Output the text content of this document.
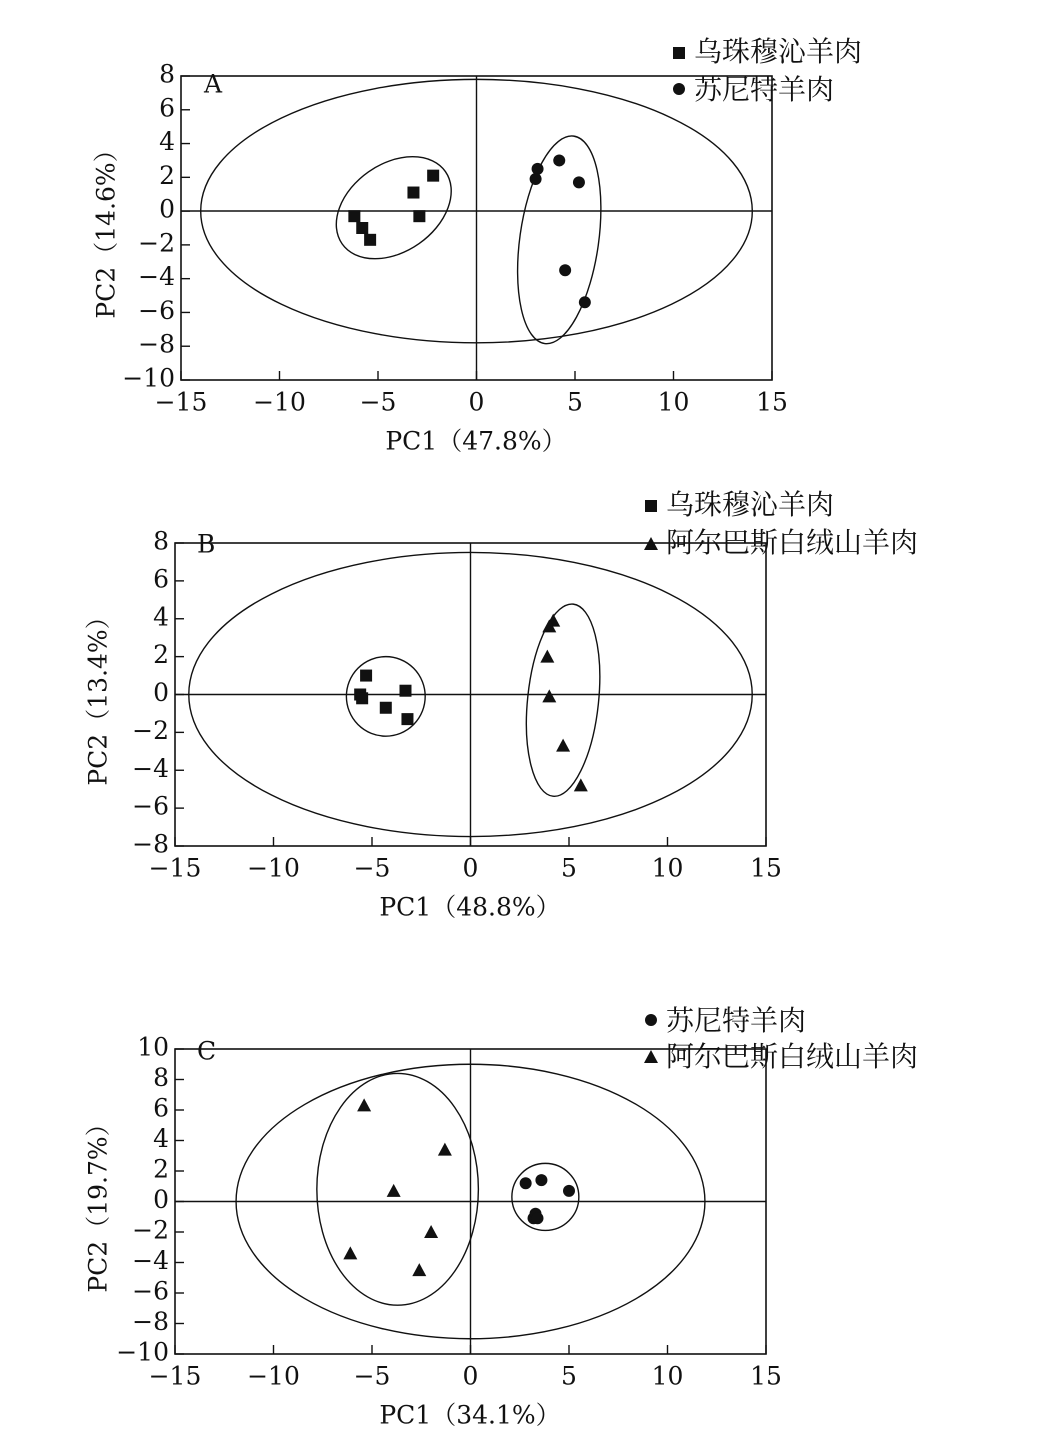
−15 −10 −5	0	5	10	15
−10
−8
−6
−4
−2
0
2
4
6
8 A
PC1（47.8%）
PC2（14.6%）
乌珠穆沁羊肉
苏尼特羊肉
−15 −10 −5	0	5	10	15
−8
−6
−4
−2
0
2
4
6
8 B
PC1（48.8%）
PC2（13.4%）
乌珠穆沁羊肉
阿尔巴斯白绒山羊肉
−15 −10 −5	0	5	10	15
−10
−8
−6
−4
−2
0
2
4
6
8
10 C
PC1（34.1%）
PC2（19.7%）
苏尼特羊肉
阿尔巴斯白绒山羊肉
